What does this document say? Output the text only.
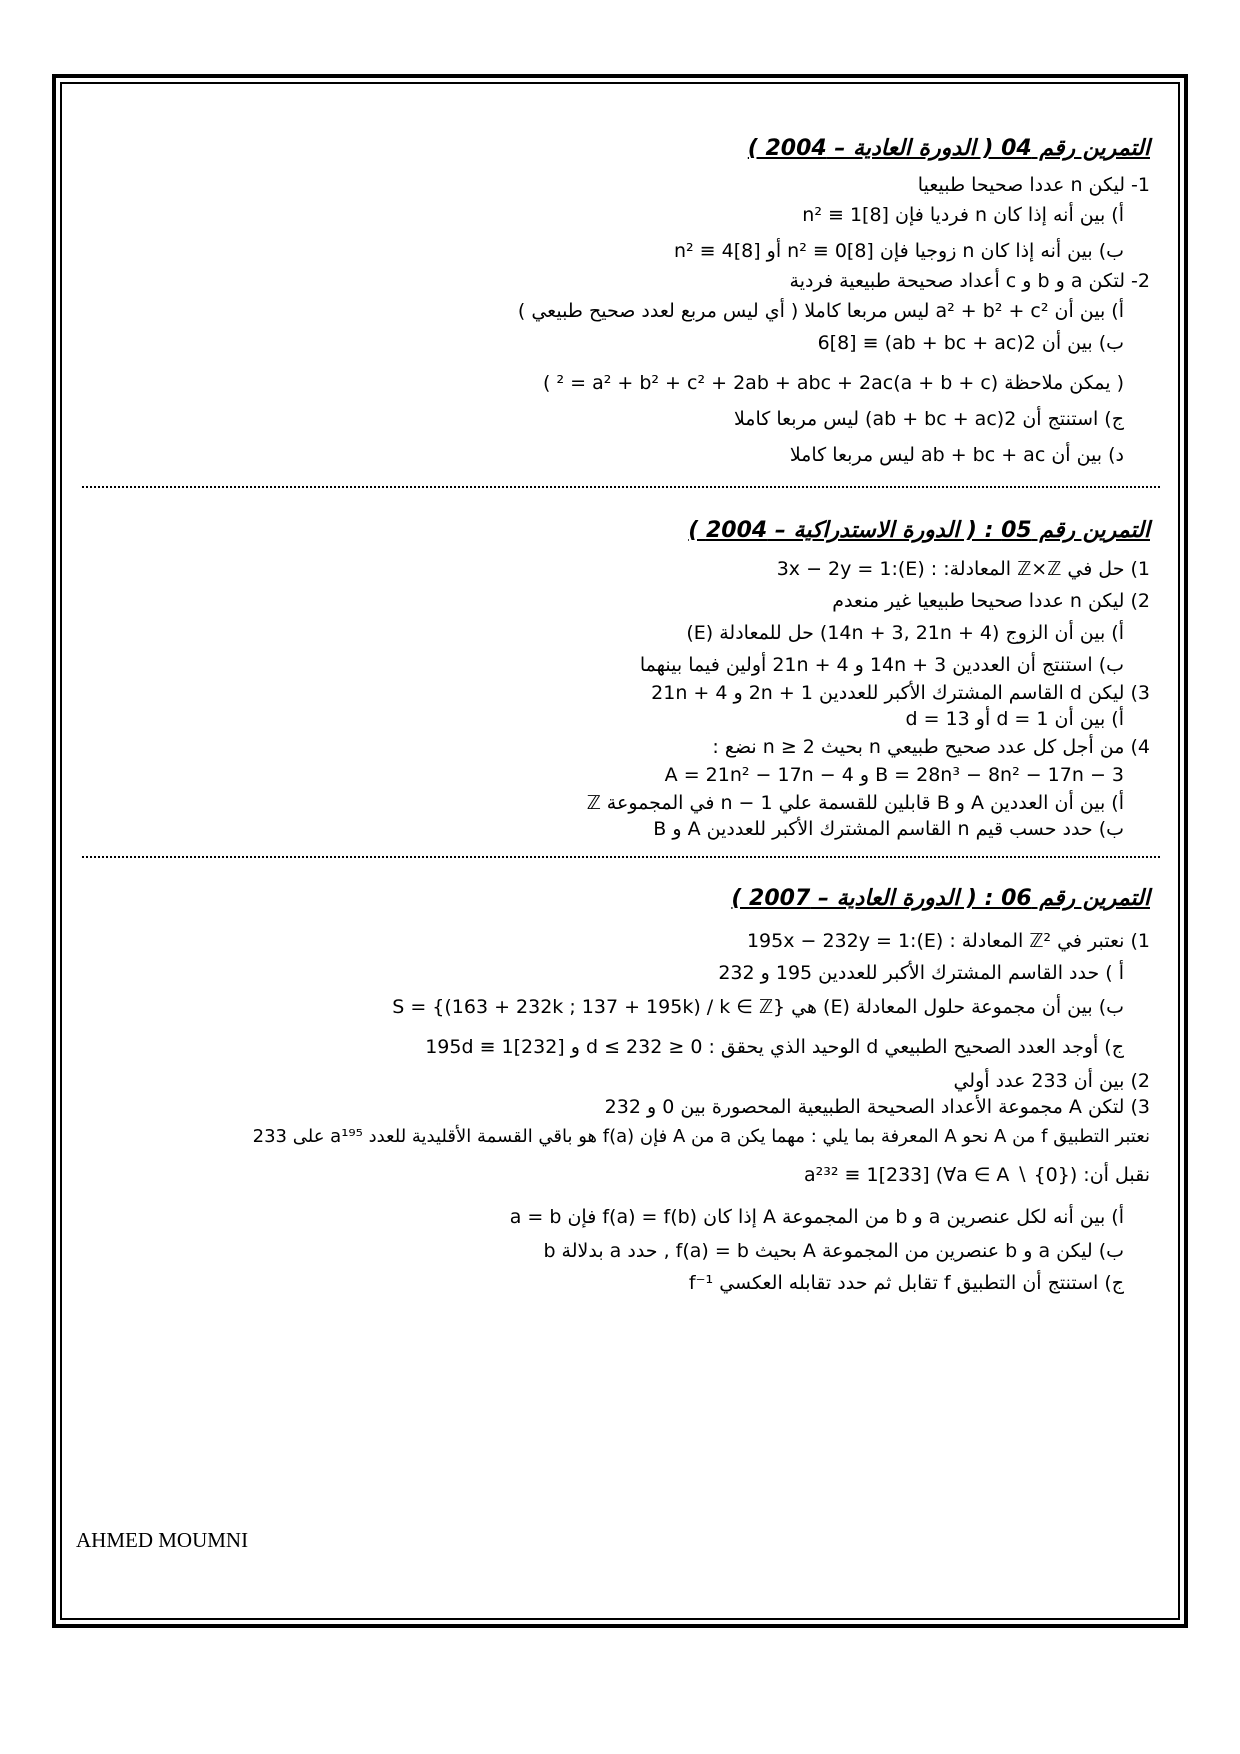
التمرين رقم 04 ( الدورة العادية – 2004 )
1- ليكن n عددا صحيحا طبيعيا
أ) بين أنه إذا كان n فرديا فإن n² ≡ 1[8]
ب) بين أنه إذا كان n زوجيا فإن n² ≡ 0[8] أو n² ≡ 4[8]
2- لتكن a و b و c أعداد صحيحة طبيعية فردية
أ) بين أن a² + b² + c² ليس مربعا كاملا ( أي ليس مربع لعدد صحيح طبيعي )
ب) بين أن 2(ab + bc + ac) ≡ 6[8]
( يمكن ملاحظة (a + b + c)² = a² + b² + c² + 2ab + abc + 2ac )
ج) استنتج أن 2(ab + bc + ac) ليس مربعا كاملا
د) بين أن ab + bc + ac ليس مربعا كاملا
التمرين رقم 05 : ( الدورة الاستدراكية – 2004 )
1) حل في ℤ×ℤ المعادلة: : (E):3x − 2y = 1
2) ليكن n عددا صحيحا طبيعيا غير منعدم
أ) بين أن الزوج (14n + 3, 21n + 4) حل للمعادلة (E)
ب) استنتج أن العددين 14n + 3 و 21n + 4 أولين فيما بينهما
3) ليكن d القاسم المشترك الأكبر للعددين 2n + 1 و 21n + 4
أ) بين أن d = 1 أو d = 13
4) من أجل كل عدد صحيح طبيعي n بحيث n ≥ 2 نضع :
A = 21n² − 17n − 4 و B = 28n³ − 8n² − 17n − 3
أ) بين أن العددين A و B قابلين للقسمة علي n − 1 في المجموعة ℤ
ب) حدد حسب قيم n القاسم المشترك الأكبر للعددين A و B
التمرين رقم 06 : ( الدورة العادية – 2007 )
1) نعتبر في ℤ² المعادلة : (E):195x − 232y = 1
أ ) حدد القاسم المشترك الأكبر للعددين 195 و 232
ب) بين أن مجموعة حلول المعادلة (E) هي S = {(163 + 232k ; 137 + 195k) / k ∈ ℤ}
ج) أوجد العدد الصحيح الطبيعي d الوحيد الذي يحقق : 0 ≤ d ≤ 232 و 195d ≡ 1[232]
2) بين أن 233 عدد أولي
3) لتكن A مجموعة الأعداد الصحيحة الطبيعية المحصورة بين 0 و 232
نعتبر التطبيق f من A نحو A المعرفة بما يلي : مهما يكن a من A فإن f(a) هو باقي القسمة الأقليدية للعدد a¹⁹⁵ على 233
نقبل أن: a²³² ≡ 1[233] (∀a ∈ A ∖ {0})
أ) بين أنه لكل عنصرين a و b من المجموعة A إذا كان f(a) = f(b) فإن a = b
ب) ليكن a و b عنصرين من المجموعة A بحيث f(a) = b , حدد a بدلالة b
ج) استنتج أن التطبيق f تقابل ثم حدد تقابله العكسي f⁻¹
AHMED MOUMNI
